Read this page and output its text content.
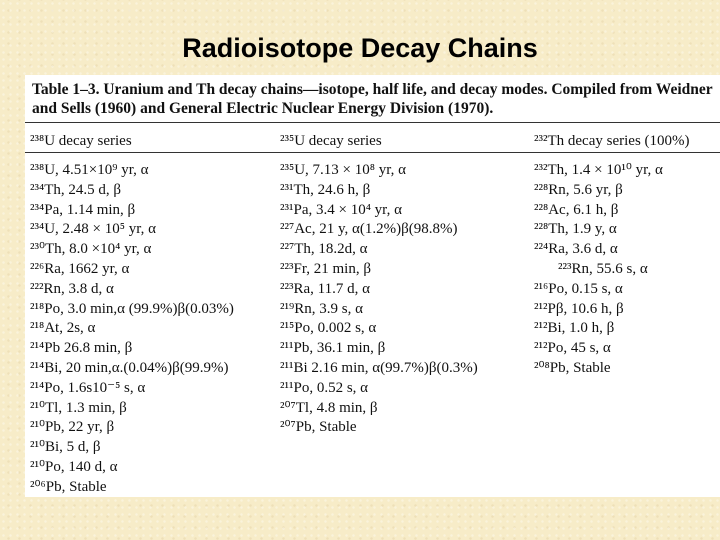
Radioisotope Decay Chains
Table 1–3. Uranium and Th decay chains—isotope, half life, and decay modes. Compiled from Weidner and Sells (1960) and General Electric Nuclear Energy Division (1970).
²³⁸U decay series
²³⁸U, 4.51×10⁹ yr, α
²³⁴Th, 24.5 d, β
²³⁴Pa, 1.14 min, β
²³⁴U, 2.48 × 10⁵ yr, α
²³⁰Th, 8.0 ×10⁴ yr, α
²²⁶Ra, 1662 yr, α
²²²Rn, 3.8 d, α
²¹⁸Po, 3.0 min,α (99.9%)β(0.03%)
²¹⁸At, 2s, α
²¹⁴Pb 26.8 min, β
²¹⁴Bi, 20 min,α.(0.04%)β(99.9%)
²¹⁴Po, 1.6s10⁻⁵ s, α
²¹⁰Tl, 1.3 min, β
²¹⁰Pb, 22 yr, β
²¹⁰Bi, 5 d, β
²¹⁰Po, 140 d, α
²⁰⁶Pb, Stable
²³⁵U decay series
²³⁵U, 7.13 × 10⁸ yr, α
²³¹Th, 24.6 h, β
²³¹Pa, 3.4 × 10⁴ yr, α
²²⁷Ac, 21 y, α(1.2%)β(98.8%)
²²⁷Th, 18.2d, α
²²³Fr, 21 min, β
²²³Ra, 11.7 d, α
²¹⁹Rn, 3.9 s, α
²¹⁵Po, 0.002 s, α
²¹¹Pb, 36.1 min, β
²¹¹Bi 2.16 min, α(99.7%)β(0.3%)
²¹¹Po, 0.52 s, α
²⁰⁷Tl, 4.8 min, β
²⁰⁷Pb, Stable
²³²Th decay series (100%)
²³²Th, 1.4 × 10¹⁰ yr, α
²²⁸Rn, 5.6 yr, β
²²⁸Ac, 6.1 h, β
²²⁸Th, 1.9 y, α
²²⁴Ra, 3.6 d, α
²²³Rn, 55.6 s, α
²¹⁶Po, 0.15 s, α
²¹²Pβ, 10.6 h, β
²¹²Bi, 1.0 h, β
²¹²Po, 45 s, α
²⁰⁸Pb, Stable
